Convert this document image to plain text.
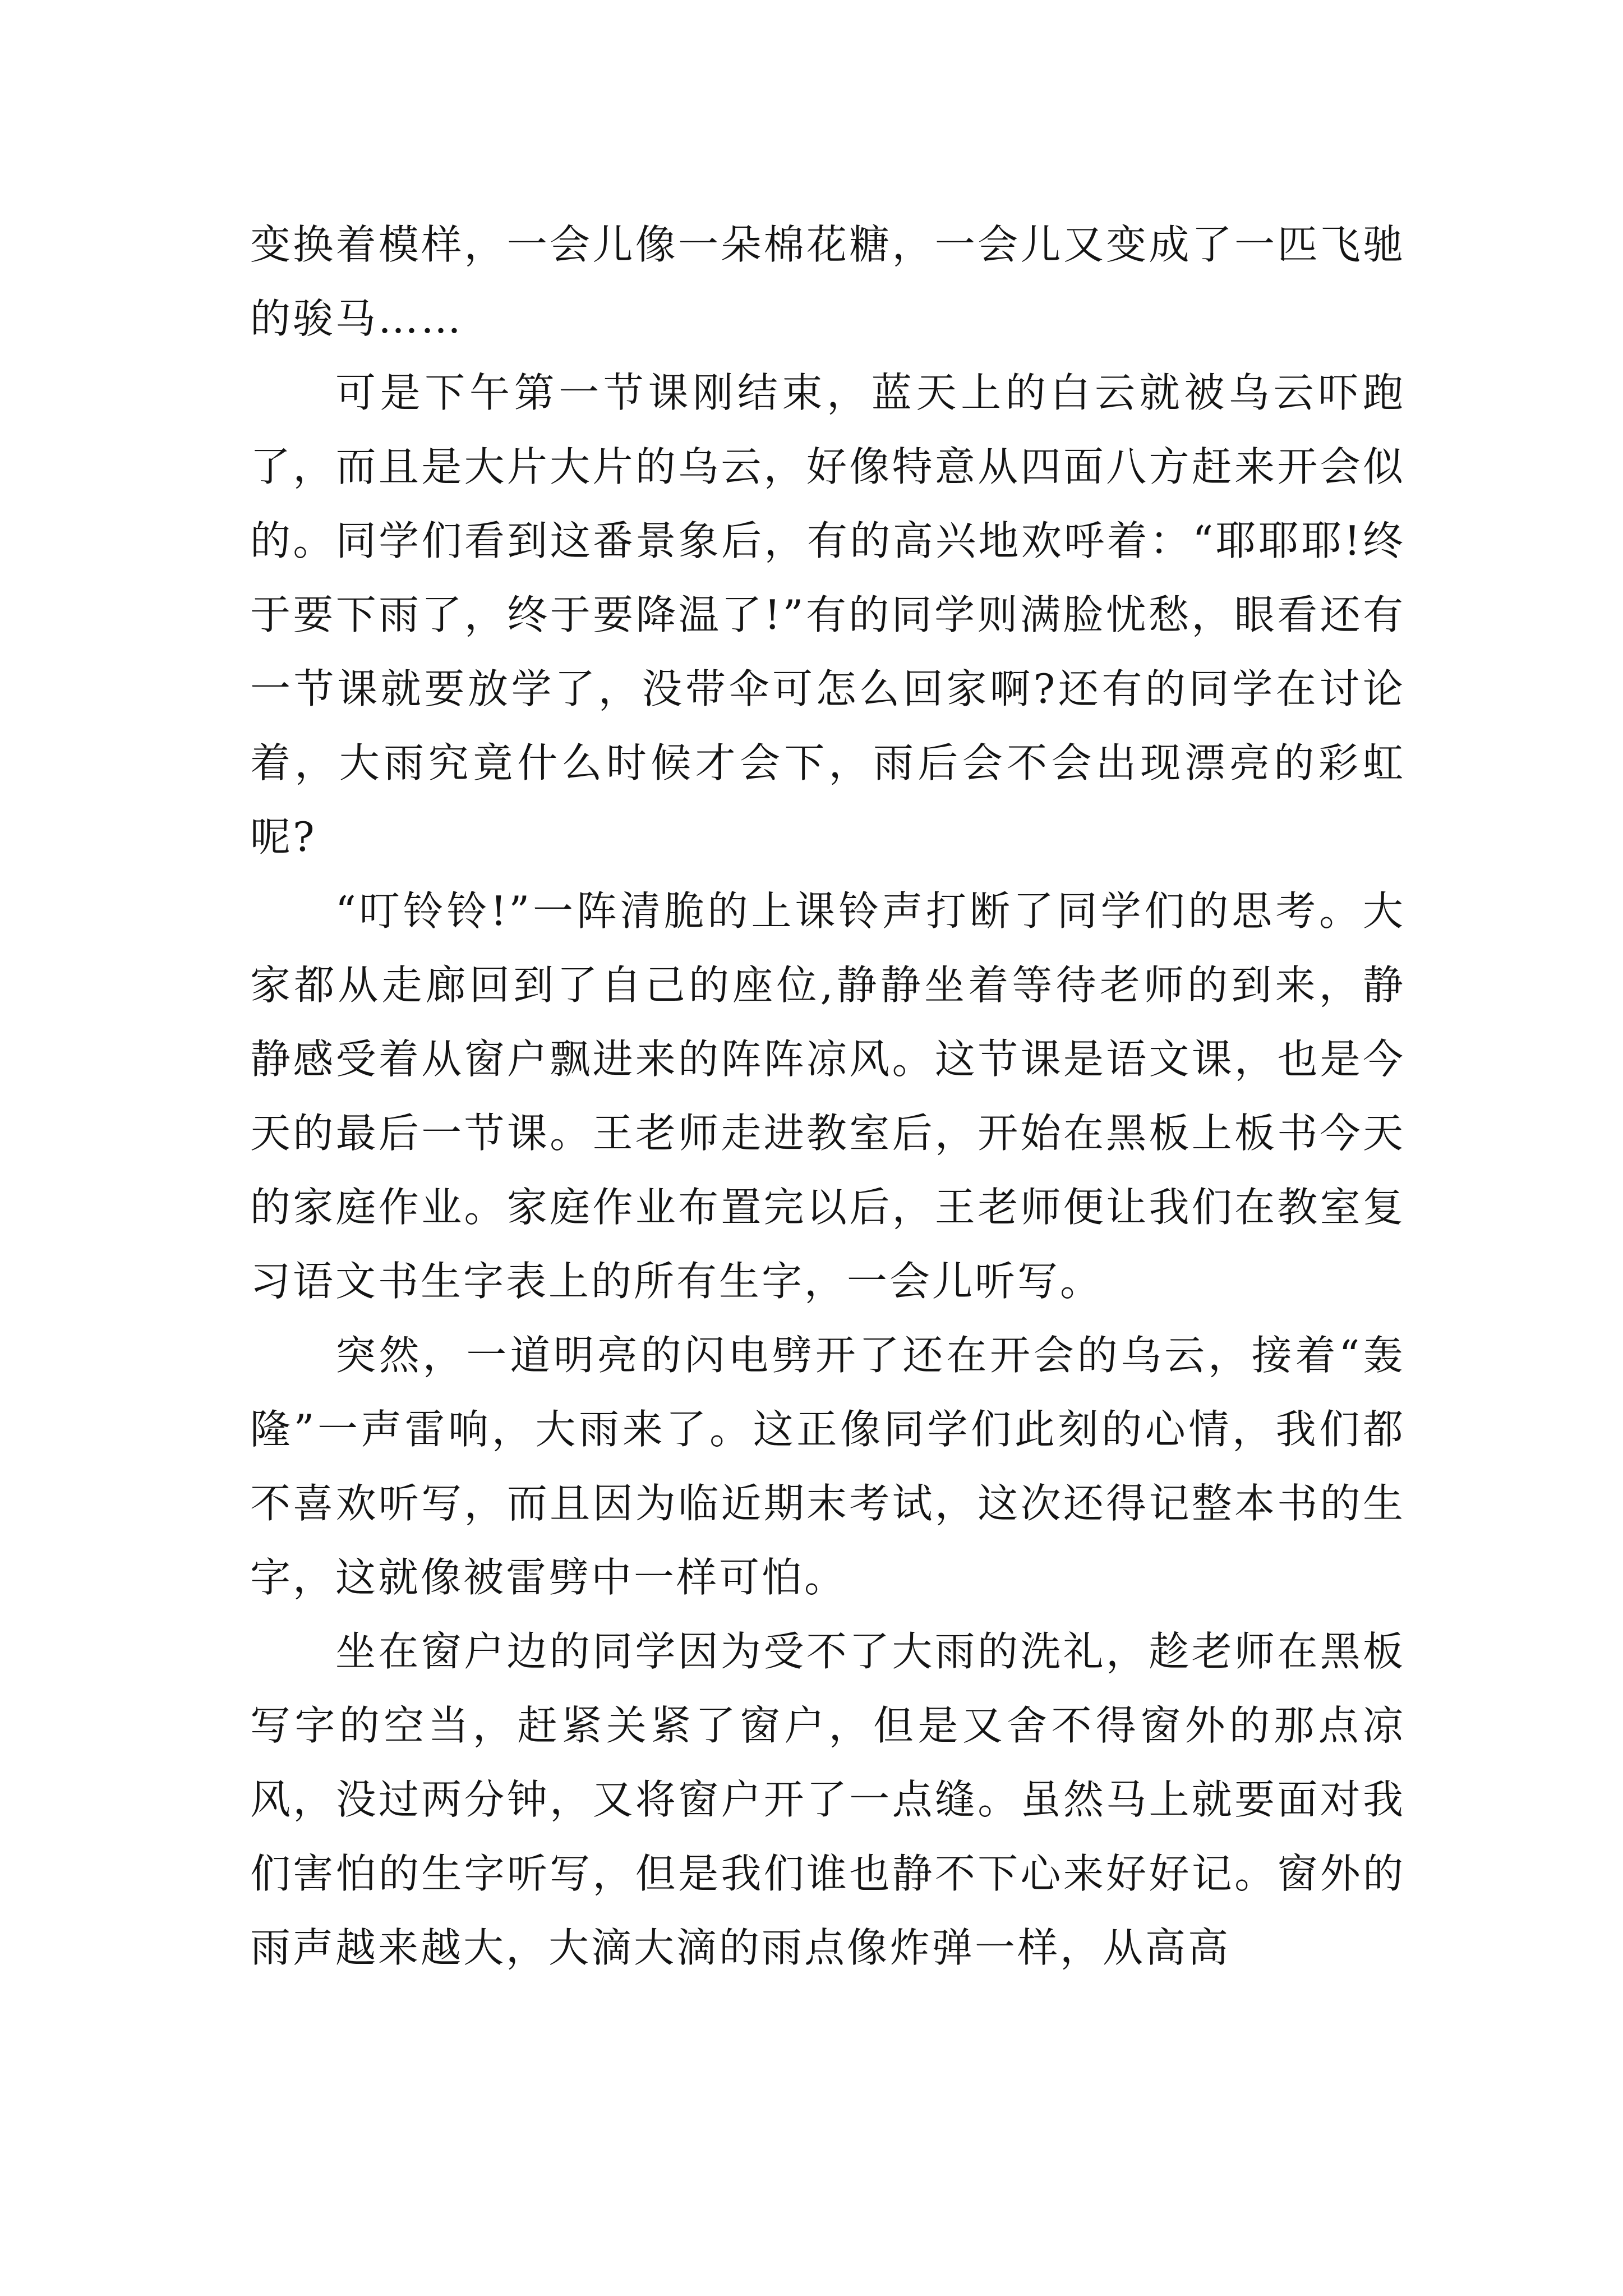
变换着模样，一会儿像一朵棉花糖，一会儿又变成了一匹飞驰的骏马……

可是下午第一节课刚结束，蓝天上的白云就被乌云吓跑了，而且是大片大片的乌云，好像特意从四面八方赶来开会似的。同学们看到这番景象后，有的高兴地欢呼着：“耶耶耶!终于要下雨了，终于要降温了!”有的同学则满脸忧愁，眼看还有一节课就要放学了，没带伞可怎么回家啊?还有的同学在讨论着，大雨究竟什么时候才会下，雨后会不会出现漂亮的彩虹呢?

“叮铃铃!”一阵清脆的上课铃声打断了同学们的思考。大家都从走廊回到了自己的座位,静静坐着等待老师的到来，静静感受着从窗户飘进来的阵阵凉风。这节课是语文课，也是今天的最后一节课。王老师走进教室后，开始在黑板上板书今天的家庭作业。家庭作业布置完以后，王老师便让我们在教室复习语文书生字表上的所有生字，一会儿听写。

突然，一道明亮的闪电劈开了还在开会的乌云，接着“轰隆”一声雷响，大雨来了。这正像同学们此刻的心情，我们都不喜欢听写，而且因为临近期末考试，这次还得记整本书的生字，这就像被雷劈中一样可怕。

坐在窗户边的同学因为受不了大雨的洗礼，趁老师在黑板写字的空当，赶紧关紧了窗户，但是又舍不得窗外的那点凉风，没过两分钟，又将窗户开了一点缝。虽然马上就要面对我们害怕的生字听写，但是我们谁也静不下心来好好记。窗外的雨声越来越大，大滴大滴的雨点像炸弹一样，从高高
